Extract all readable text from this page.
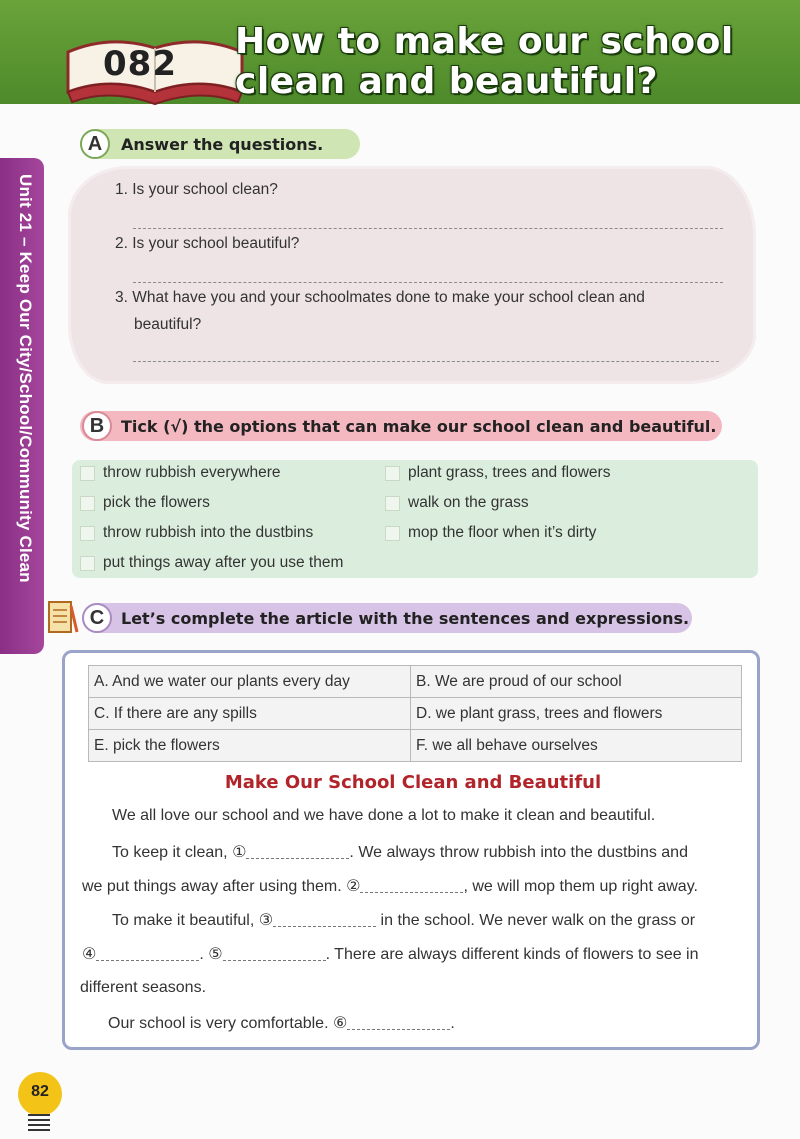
082
How to make our school
clean and beautiful?
Unit 21 – Keep Our City/School/Community Clean
A	Answer the questions.
1. Is your school clean?
2. Is your school beautiful?
3. What have you and your schoolmates done to make your school clean and
beautiful?
B	Tick (√) the options that can make our school clean and beautiful.
throw rubbish everywhere
pick the flowers
throw rubbish into the dustbins
put things away after you use them
plant grass, trees and flowers
walk on the grass
mop the floor when it’s dirty
C	Let’s complete the article with the sentences and expressions.
A. And we water our plants every day	B. We are proud of our school
C. If there are any spills	D. we plant grass, trees and flowers
E. pick the flowers	F. we all behave ourselves
Make Our School Clean and Beautiful
We all love our school and we have done a lot to make it clean and beautiful.
To keep it clean, ①	. We always throw rubbish into the dustbins and
we put things away after using them. ②	, we will mop them up right away.
To make it beautiful, ③	in the school. We never walk on the grass or
④	. ⑤	. There are always different kinds of flowers to see in
different seasons.
Our school is very comfortable. ⑥	.
82
